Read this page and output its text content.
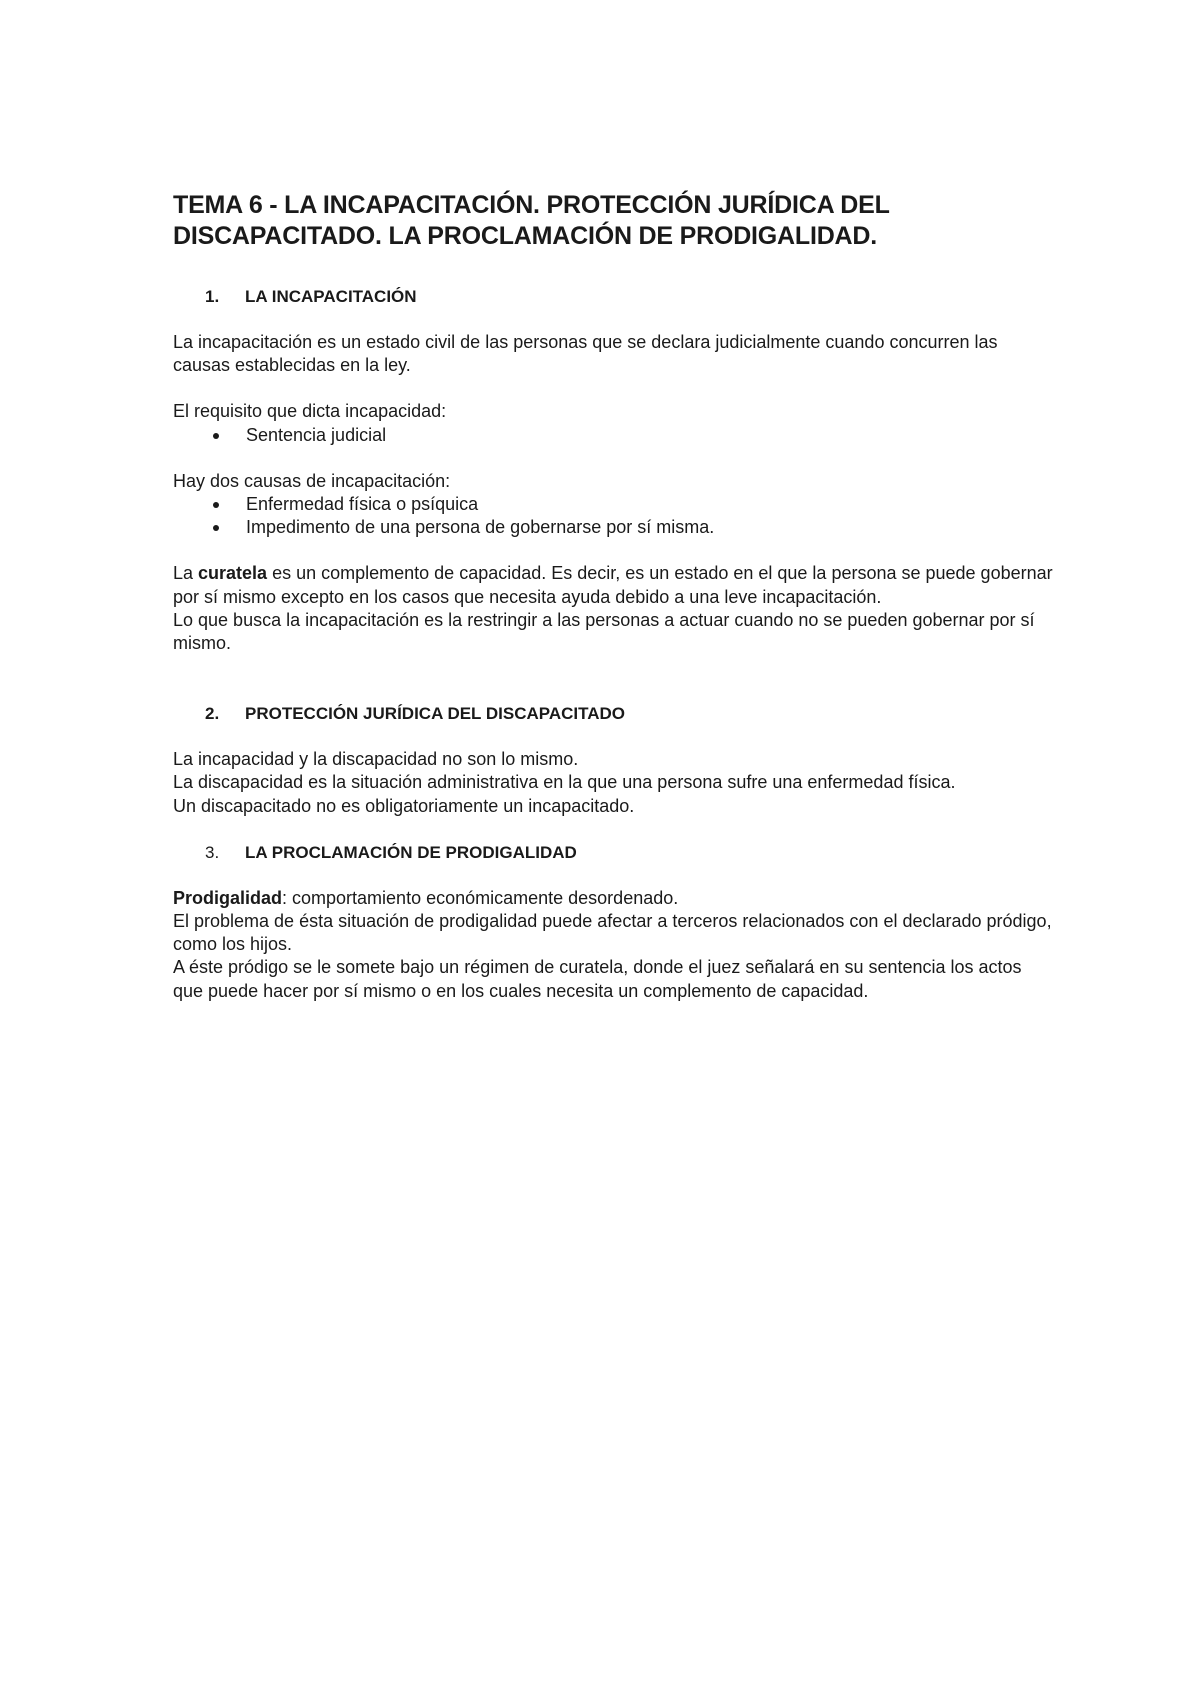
TEMA 6 - LA INCAPACITACIÓN. PROTECCIÓN JURÍDICA DEL
DISCAPACITADO. LA PROCLAMACIÓN DE PRODIGALIDAD.
1.	LA INCAPACITACIÓN

La incapacitación es un estado civil de las personas que se declara judicialmente cuando concurren las causas establecidas en la ley.

El requisito que dicta incapacidad:

Sentencia judicial

Hay dos causas de incapacitación:

Enfermedad física o psíquica
Impedimento de una persona de gobernarse por sí misma.

La curatela es un complemento de capacidad. Es decir, es un estado en el que la persona se puede gobernar por sí mismo excepto en los casos que necesita ayuda debido a una leve incapacitación.

Lo que busca la incapacitación es la restringir a las personas a actuar cuando no se pueden gobernar por sí mismo.

2.	PROTECCIÓN JURÍDICA DEL DISCAPACITADO

La incapacidad y la discapacidad no son lo mismo.

La discapacidad es la situación administrativa en la que una persona sufre una enfermedad física.

Un discapacitado no es obligatoriamente un incapacitado.

3.	LA PROCLAMACIÓN DE PRODIGALIDAD

Prodigalidad: comportamiento económicamente desordenado.

El problema de ésta situación de prodigalidad puede afectar a terceros relacionados con el declarado pródigo, como los hijos.

A éste pródigo se le somete bajo un régimen de curatela, donde el juez señalará en su sentencia los actos que puede hacer por sí mismo o en los cuales necesita un complemento de capacidad.
